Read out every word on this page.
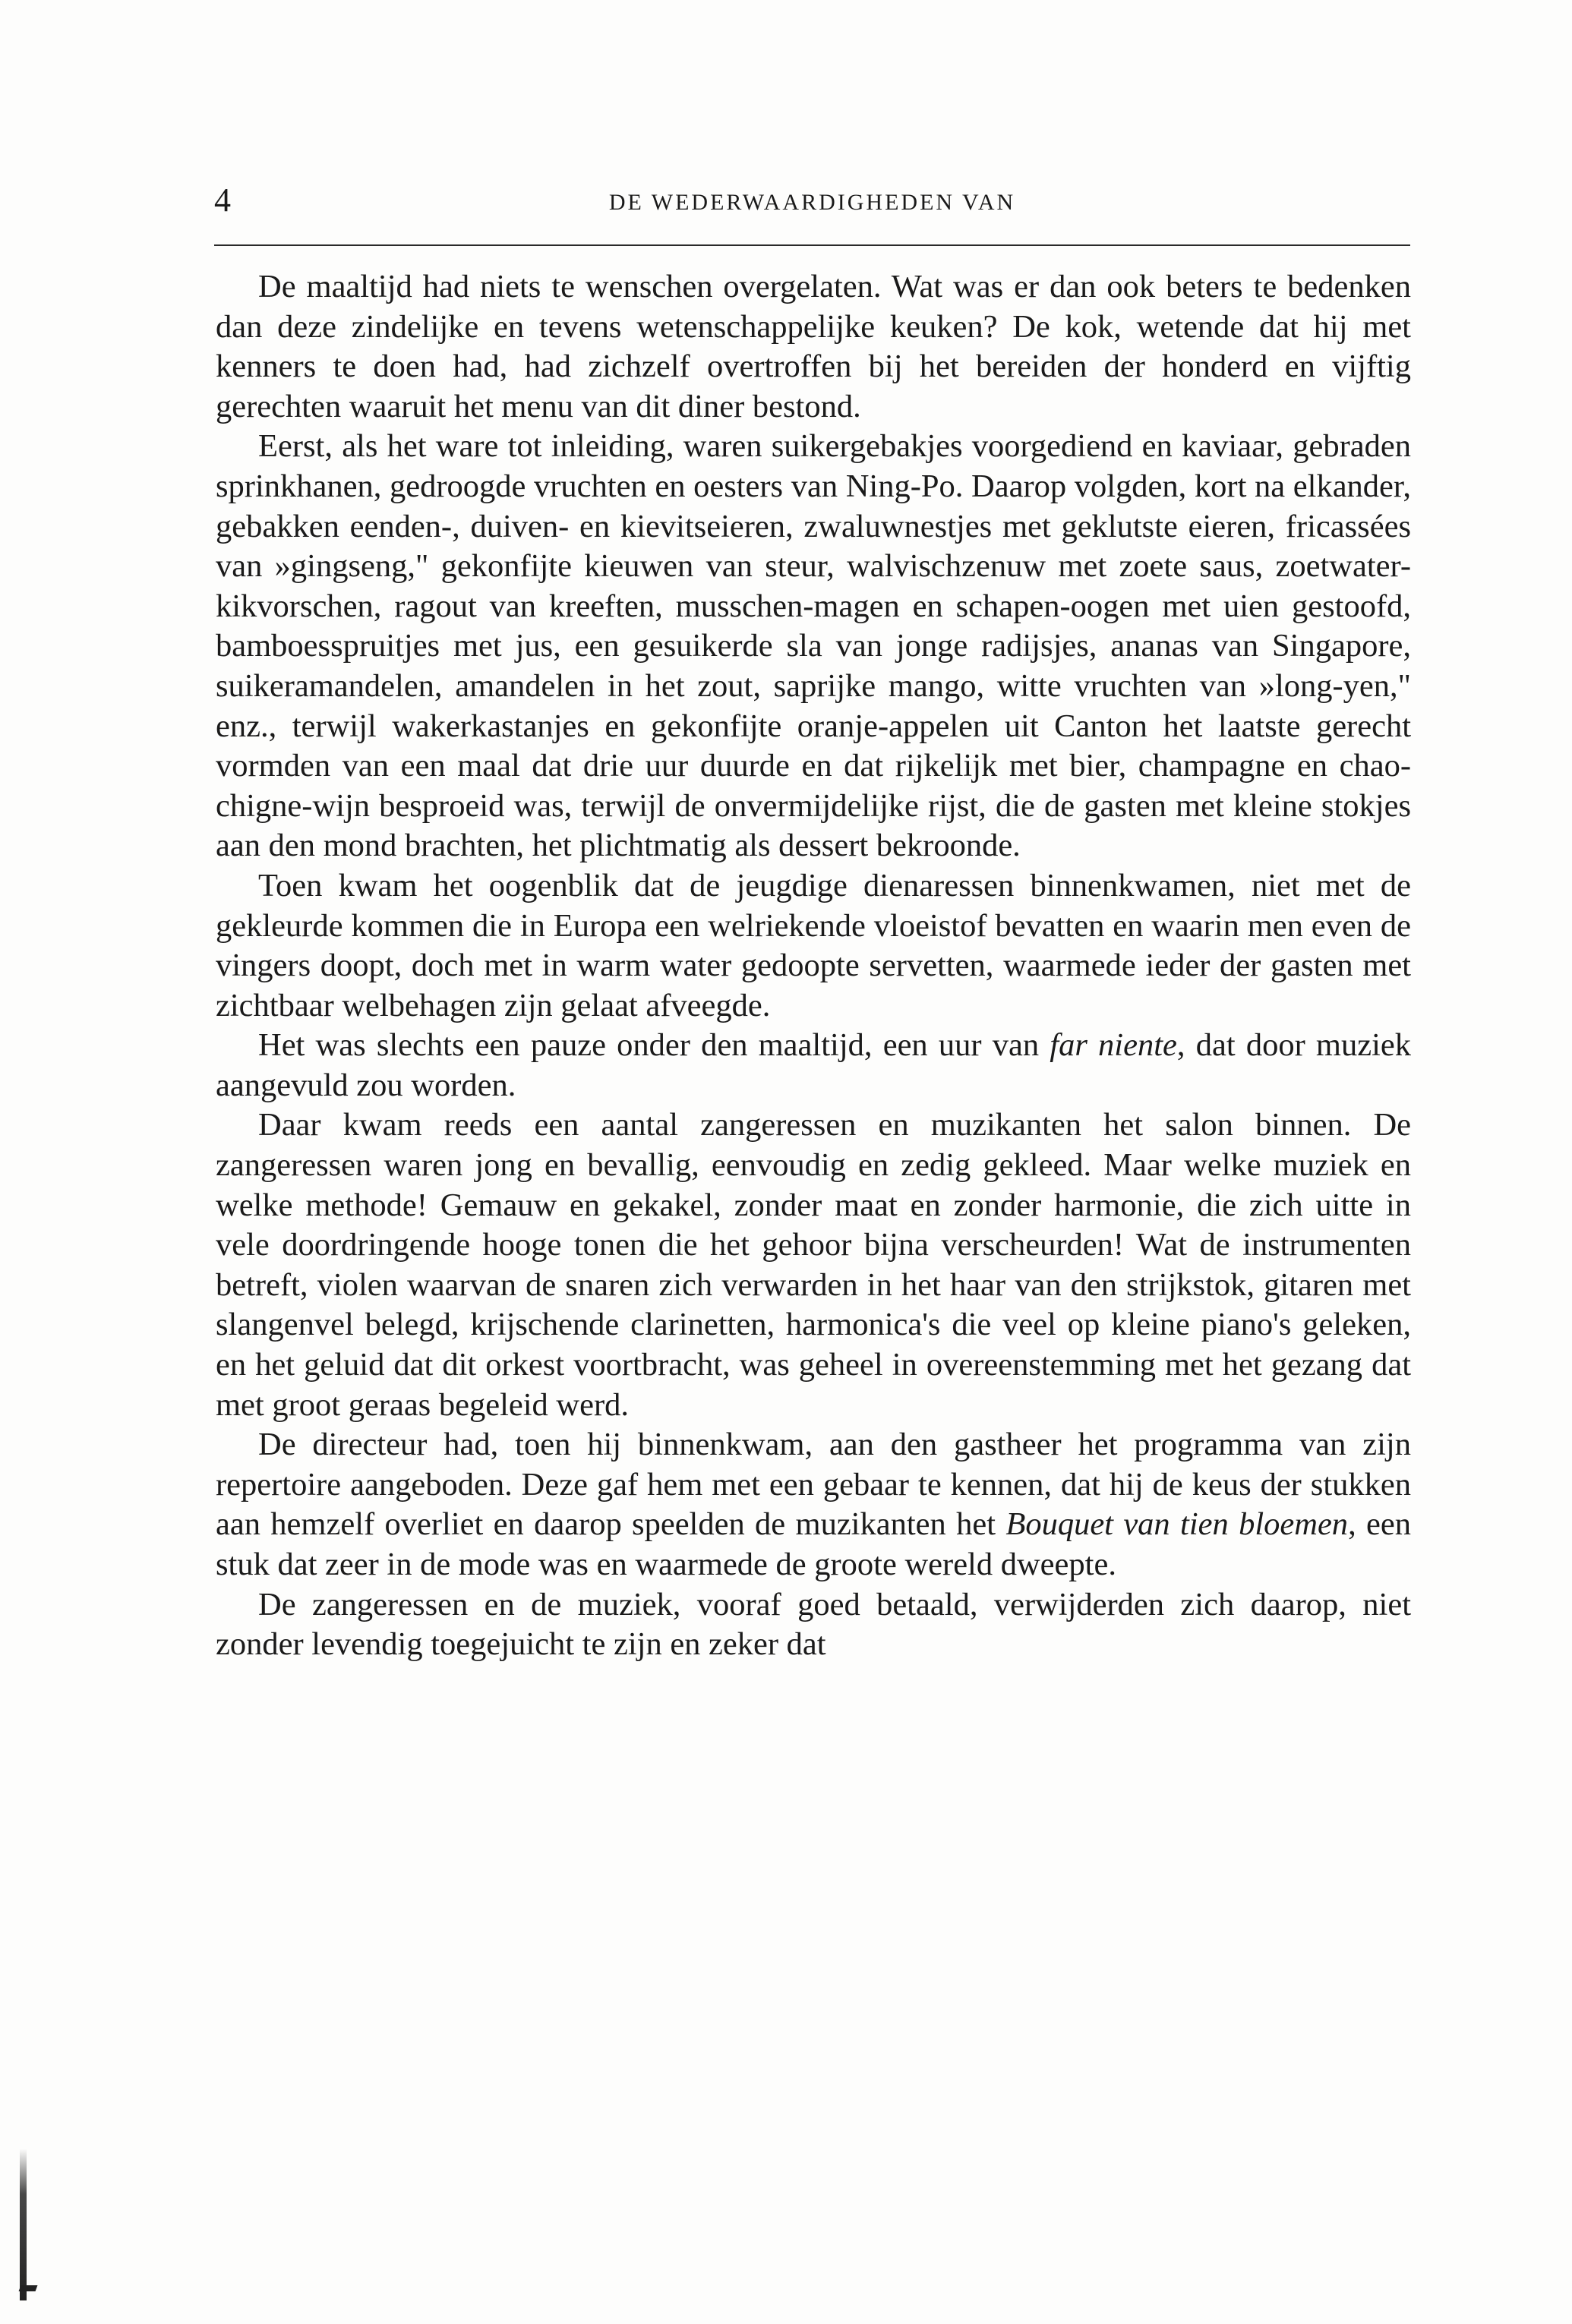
4	DE WEDERWAARDIGHEDEN VAN

De maaltijd had niets te wenschen overgelaten. Wat was er dan ook beters te bedenken dan deze zindelijke en tevens wetenschappelijke keuken? De kok, wetende dat hij met kenners te doen had, had zichzelf overtroffen bij het bereiden der honderd en vijftig gerechten waaruit het menu van dit diner bestond.

Eerst, als het ware tot inleiding, waren suikergebakjes voorgediend en kaviaar, gebraden sprinkhanen, gedroogde vruchten en oesters van Ning-Po. Daarop volgden, kort na elkander, gebakken eenden-, duiven- en kievitseieren, zwaluwnestjes met geklutste eieren, fricassées van »gingseng," gekonfijte kieuwen van steur, walvischzenuw met zoete saus, zoetwater-kikvorschen, ragout van kreeften, musschen-magen en schapen-oogen met uien gestoofd, bamboesspruitjes met jus, een gesuikerde sla van jonge radijsjes, ananas van Singapore, suikeramandelen, amandelen in het zout, saprijke mango, witte vruchten van »long-yen," enz., terwijl wakerkastanjes en gekonfijte oranje-appelen uit Canton het laatste gerecht vormden van een maal dat drie uur duurde en dat rijkelijk met bier, champagne en chao-chigne-wijn besproeid was, terwijl de onvermijdelijke rijst, die de gasten met kleine stokjes aan den mond brachten, het plichtmatig als dessert bekroonde.

Toen kwam het oogenblik dat de jeugdige dienaressen binnenkwamen, niet met de gekleurde kommen die in Europa een welriekende vloeistof bevatten en waarin men even de vingers doopt, doch met in warm water gedoopte servetten, waarmede ieder der gasten met zichtbaar welbehagen zijn gelaat afveegde.

Het was slechts een pauze onder den maaltijd, een uur van far niente, dat door muziek aangevuld zou worden.

Daar kwam reeds een aantal zangeressen en muzikanten het salon binnen. De zangeressen waren jong en bevallig, eenvoudig en zedig gekleed. Maar welke muziek en welke methode! Gemauw en gekakel, zonder maat en zonder harmonie, die zich uitte in vele doordringende hooge tonen die het gehoor bijna verscheurden! Wat de instrumenten betreft, violen waarvan de snaren zich verwarden in het haar van den strijkstok, gitaren met slangenvel belegd, krijschende clarinetten, harmonica's die veel op kleine piano's geleken, en het geluid dat dit orkest voortbracht, was geheel in overeenstemming met het gezang dat met groot geraas begeleid werd.

De directeur had, toen hij binnenkwam, aan den gastheer het programma van zijn repertoire aangeboden. Deze gaf hem met een gebaar te kennen, dat hij de keus der stukken aan hemzelf overliet en daarop speelden de muzikanten het Bouquet van tien bloemen, een stuk dat zeer in de mode was en waarmede de groote wereld dweepte.

De zangeressen en de muziek, vooraf goed betaald, verwijderden zich daarop, niet zonder levendig toegejuicht te zijn en zeker dat
